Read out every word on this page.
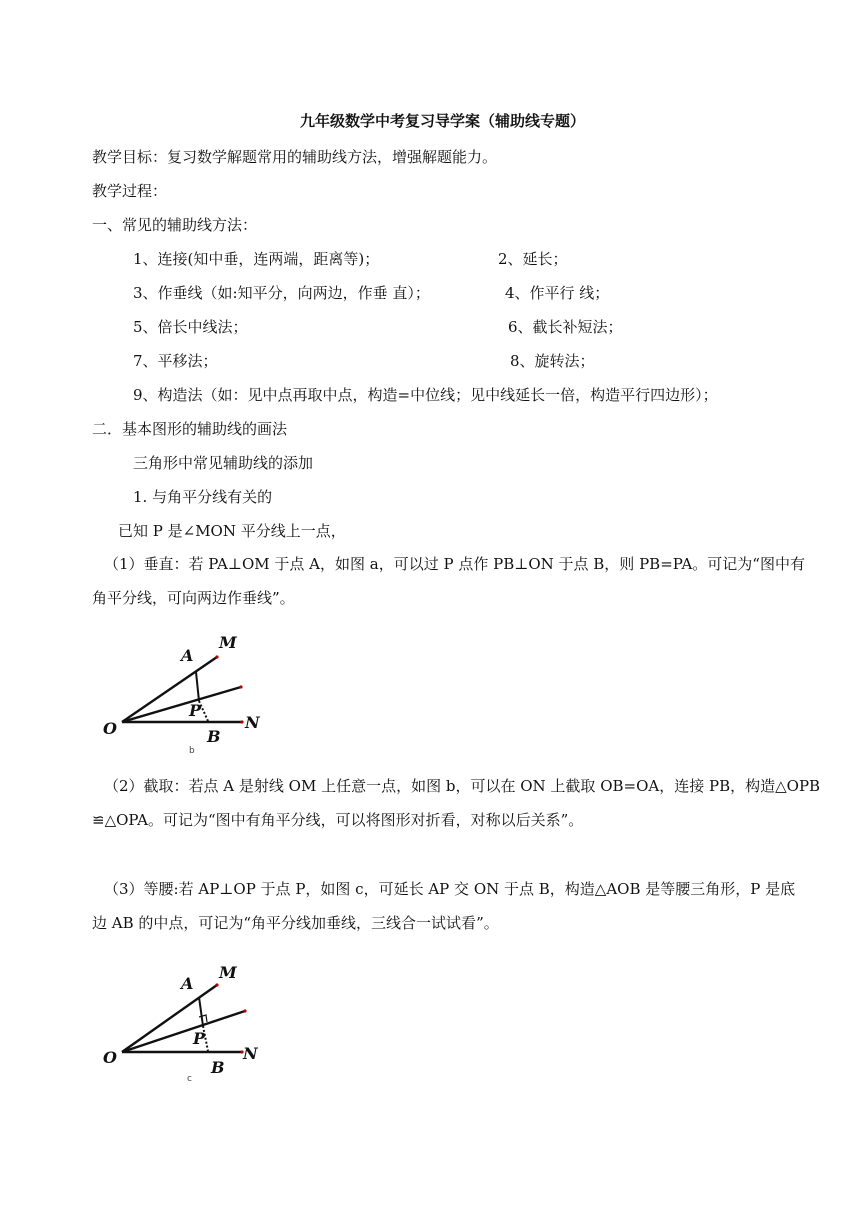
九年级数学中考复习导学案（辅助线专题）
教学目标：复习数学解题常用的辅助线方法，增强解题能力。
教学过程：
一、常见的辅助线方法：
1、连接(知中垂，连两端，距离等)；	2、延长；
3、作垂线（如:知平分，向两边，作垂 直）；	4、作平行 线；
5、倍长中线法；	6、截长补短法；
7、平移法；	8、旋转法；
9、构造法（如：见中点再取中点，构造=中位线；见中线延长一倍，构造平行四边形）；
二．基本图形的辅助线的画法
三角形中常见辅助线的添加
1. 与角平分线有关的
已知 P 是∠MON 平分线上一点，
（1）垂直：若 PA⊥OM 于点 A，如图 a，可以过 P 点作 PB⊥ON 于点 B，则 PB=PA。可记为“图中有
角平分线，可向两边作垂线”。
M
A
P
O	N
B
b
（2）截取：若点 A 是射线 OM 上任意一点，如图 b，可以在 ON 上截取 OB=OA，连接 PB，构造△OPB
≌△OPA。可记为“图中有角平分线，可以将图形对折看，对称以后关系”。
（3）等腰:若 AP⊥OP 于点 P，如图 c，可延长 AP 交 ON 于点 B，构造△AOB 是等腰三角形，P 是底
边 AB 的中点，可记为“角平分线加垂线，三线合一试试看”。
M
A
P
O	N
B
c
